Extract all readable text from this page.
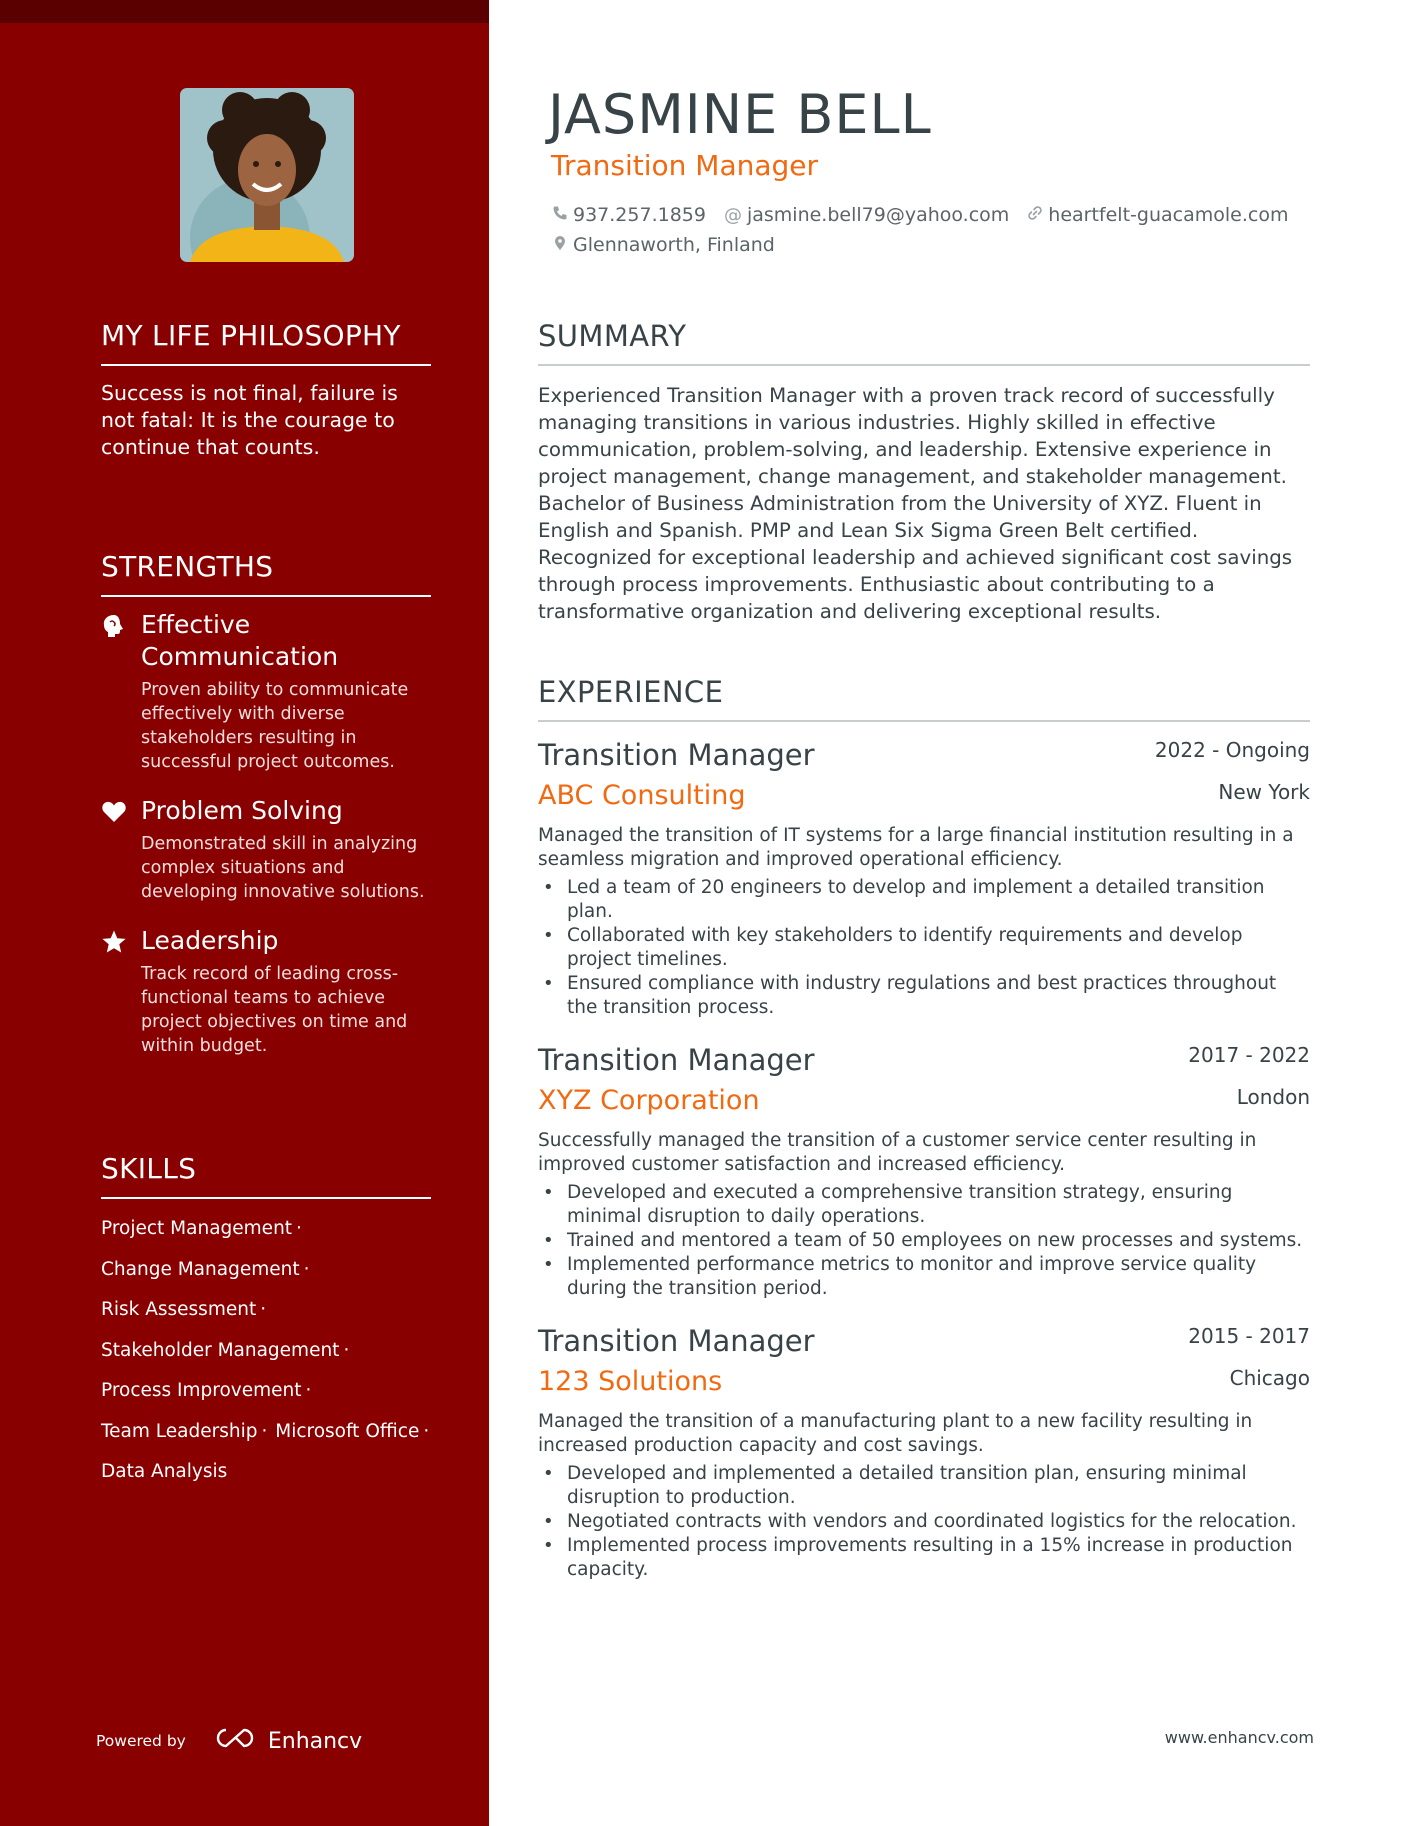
MY LIFE PHILOSOPHY
Success is not final, failure is not fatal: It is the courage to continue that counts.
STRENGTHS
Effective Communication
Proven ability to communicate effectively with diverse stakeholders resulting in successful project outcomes.
Problem Solving
Demonstrated skill in analyzing complex situations and developing innovative solutions.
Leadership
Track record of leading cross-functional teams to achieve project objectives on time and within budget.
SKILLS
Project Management ·
Change Management ·
Risk Assessment ·
Stakeholder Management ·
Process Improvement ·
Team Leadership · Microsoft Office ·
Data Analysis
Powered by	Enhancv
JASMINE BELL
Transition Manager
937.257.1859 @ jasmine.bell79@yahoo.com heartfelt-guacamole.com
Glennaworth, Finland
SUMMARY
Experienced Transition Manager with a proven track record of successfully managing transitions in various industries. Highly skilled in effective communication, problem-solving, and leadership. Extensive experience in project management, change management, and stakeholder management. Bachelor of Business Administration from the University of XYZ. Fluent in English and Spanish. PMP and Lean Six Sigma Green Belt certified. Recognized for exceptional leadership and achieved significant cost savings through process improvements. Enthusiastic about contributing to a transformative organization and delivering exceptional results.
EXPERIENCE
Transition Manager	2022 - Ongoing
ABC Consulting	New York
Managed the transition of IT systems for a large financial institution resulting in a seamless migration and improved operational efficiency.
• Led a team of 20 engineers to develop and implement a detailed transition plan.
• Collaborated with key stakeholders to identify requirements and develop project timelines.
• Ensured compliance with industry regulations and best practices throughout the transition process.
Transition Manager	2017 - 2022
XYZ Corporation	London
Successfully managed the transition of a customer service center resulting in improved customer satisfaction and increased efficiency.
• Developed and executed a comprehensive transition strategy, ensuring minimal disruption to daily operations.
• Trained and mentored a team of 50 employees on new processes and systems.
• Implemented performance metrics to monitor and improve service quality during the transition period.
Transition Manager	2015 - 2017
123 Solutions	Chicago
Managed the transition of a manufacturing plant to a new facility resulting in increased production capacity and cost savings.
• Developed and implemented a detailed transition plan, ensuring minimal disruption to production.
• Negotiated contracts with vendors and coordinated logistics for the relocation.
• Implemented process improvements resulting in a 15% increase in production capacity.
www.enhancv.com
